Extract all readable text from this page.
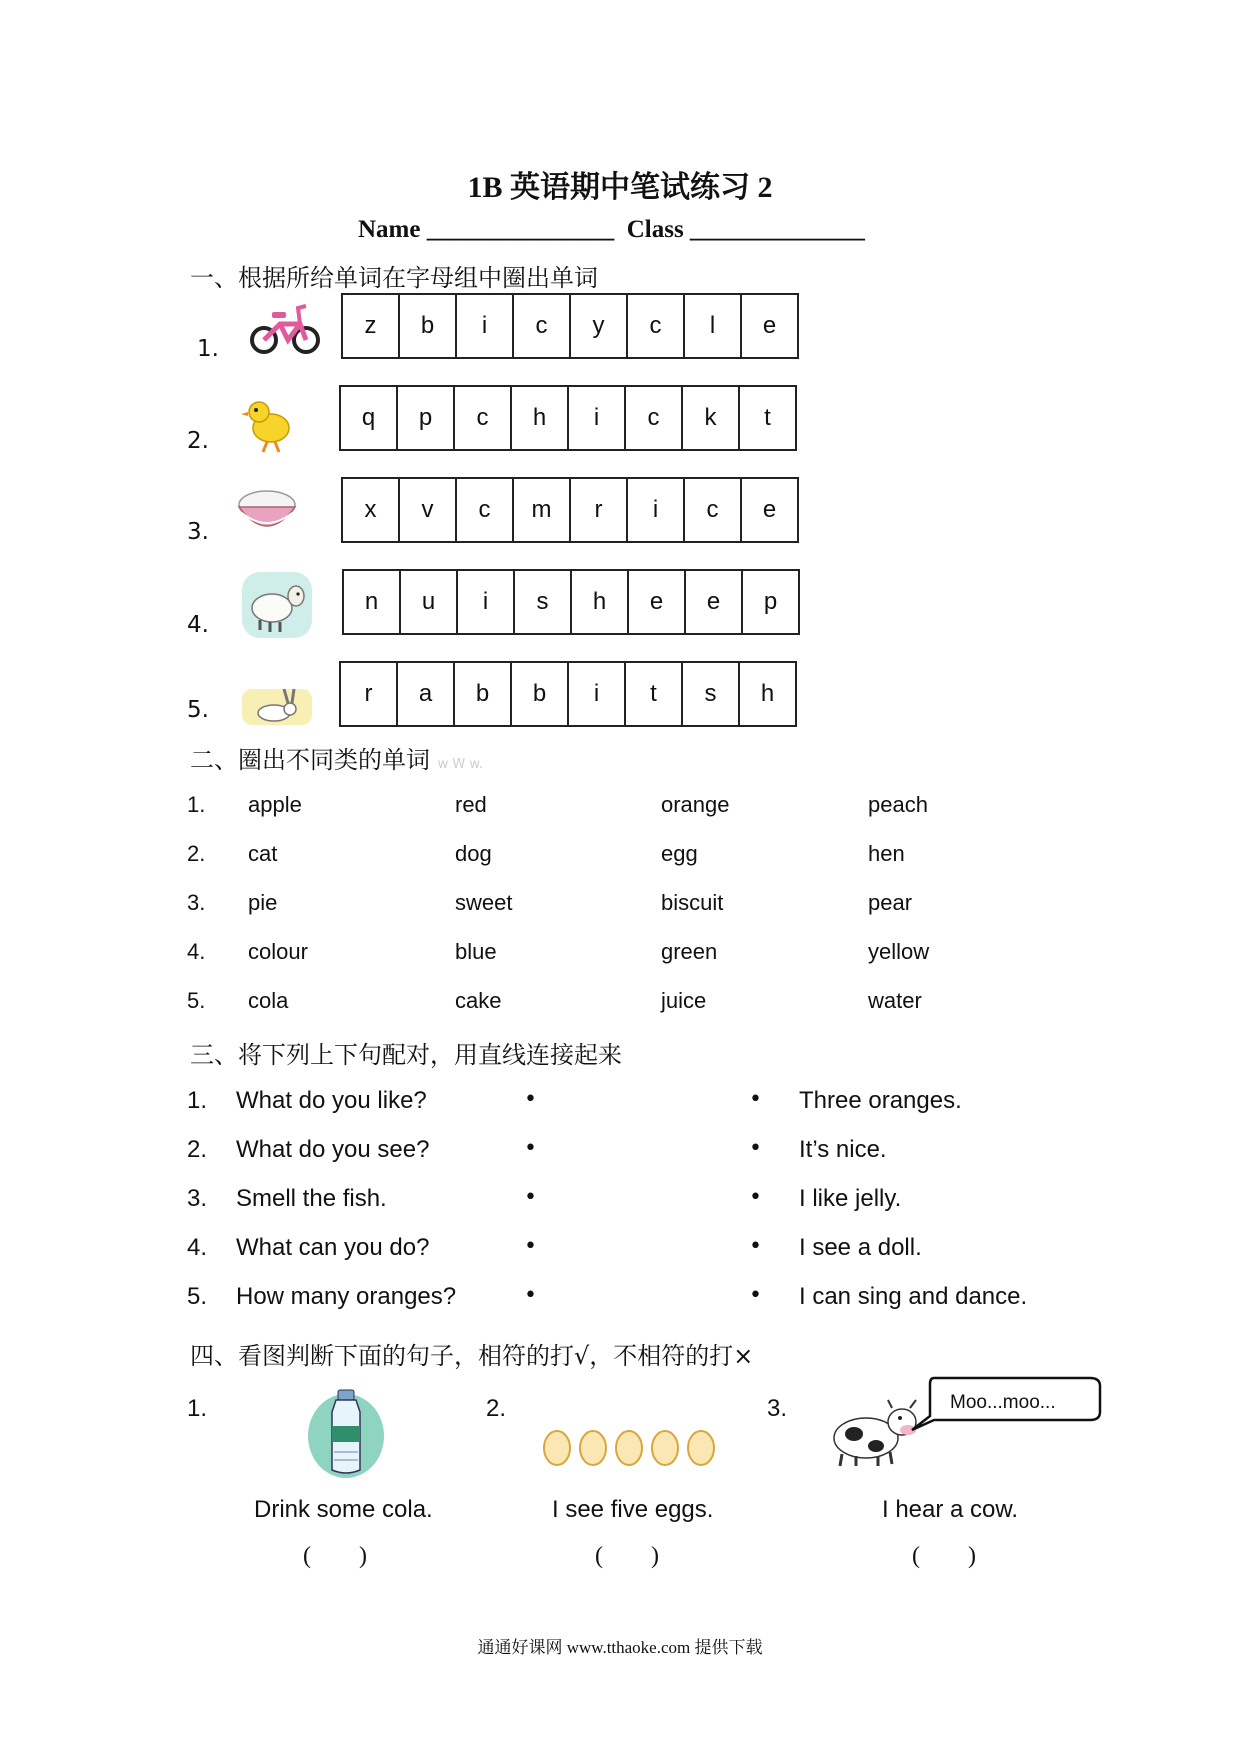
1B 英语期中笔试练习 2
Name _______________  Class ______________
一、根据所给单词在字母组中圈出单词
1.
z	b	i	c	y	c	l	e
2.
q	p	c	h	i	c	k	t
3.
x	v	c	m	r	i	c	e
4.
n	u	i	s	h	e	e	p
5.
r	a	b	b	i	t	s	h
二、圈出不同类的单词 w W w.
1. apple	red	orange	peach
2. cat	dog	egg	hen
3. pie	sweet	biscuit	pear
4. colour	blue	green	yellow
5. cola	cake	juice	water
三、将下列上下句配对，用直线连接起来
1. What do you like?	•	• Three oranges.
2. What do you see?	•	• It’s nice.
3. Smell the fish.	•	• I like jelly.
4. What can you do?	•	• I see a doll.
5. How many oranges?	•	• I can sing and dance.
四、看图判断下面的句子，相符的打√，不相符的打×
1.
Drink some cola.
(        )
2.
I see five eggs.
(        )
3.	Moo...moo...
I hear a cow.
(        )
通通好课网 www.tthaoke.com 提供下载
